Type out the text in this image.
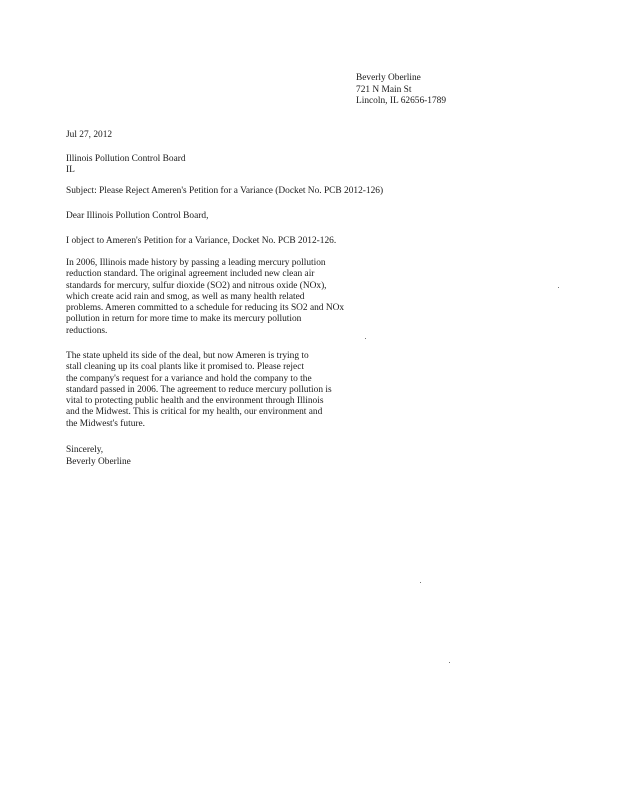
Beverly Oberline
721 N Main St
Lincoln, IL 62656-1789
Jul 27, 2012
Illinois Pollution Control Board
IL
Subject: Please Reject Ameren's Petition for a Variance (Docket No. PCB 2012-126)
Dear Illinois Pollution Control Board,
I object to Ameren's Petition for a Variance, Docket No. PCB 2012-126.
In 2006, Illinois made history by passing a leading mercury pollution
reduction standard. The original agreement included new clean air
standards for mercury, sulfur dioxide (SO2) and nitrous oxide (NOx),
which create acid rain and smog, as well as many health related
problems. Ameren committed to a schedule for reducing its SO2 and NOx
pollution in return for more time to make its mercury pollution
reductions.
The state upheld its side of the deal, but now Ameren is trying to
stall cleaning up its coal plants like it promised to. Please reject
the company's request for a variance and hold the company to the
standard passed in 2006. The agreement to reduce mercury pollution is
vital to protecting public health and the environment through Illinois
and the Midwest. This is critical for my health, our environment and
the Midwest's future.
Sincerely,
Beverly Oberline
